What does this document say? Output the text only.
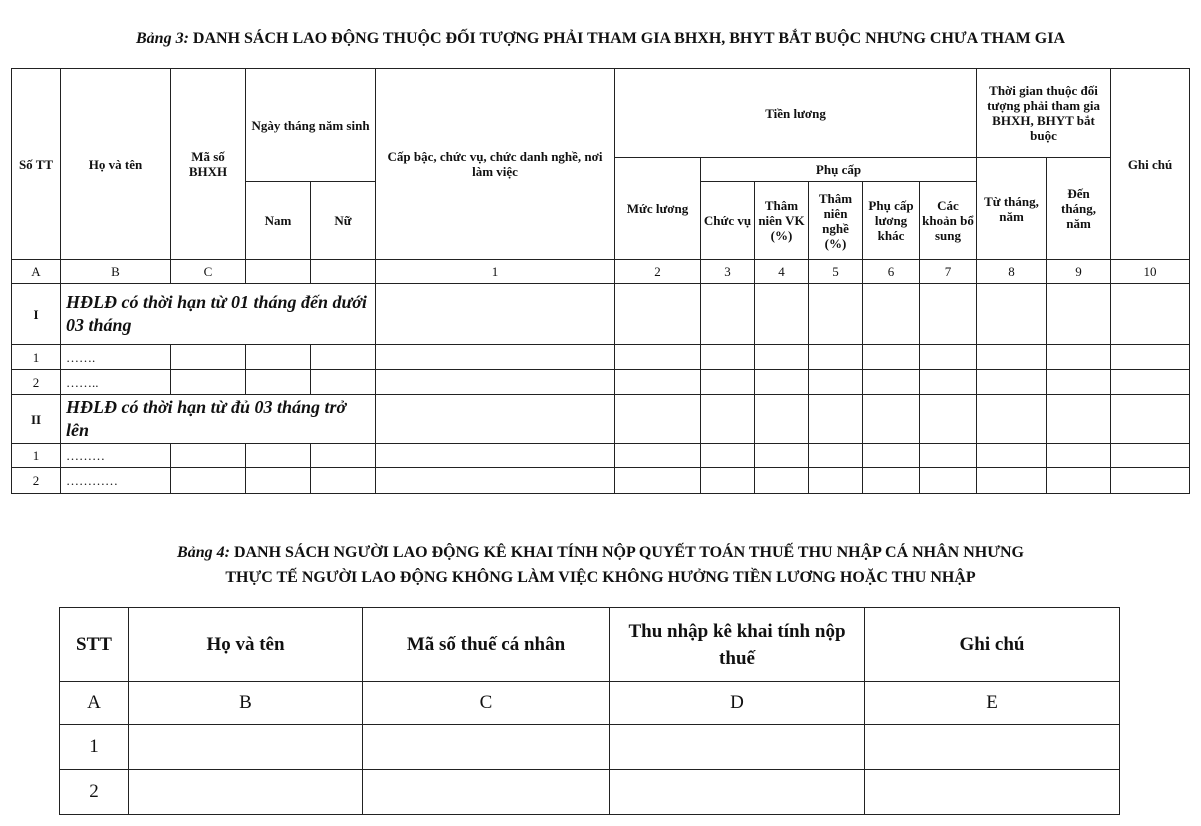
Bảng 3: DANH SÁCH LAO ĐỘNG THUỘC ĐỐI TƯỢNG PHẢI THAM GIA BHXH, BHYT BẮT BUỘC NHƯNG CHƯA THAM GIA
Số TT	Họ và tên	Mã số BHXH	Ngày tháng năm sinh		Cấp bậc, chức vụ, chức danh nghề, nơi làm việc	Tiền lương						Thời gian thuộc đối tượng phải tham gia BHXH, BHYT bắt buộc		Ghi chú
						Mức lương	Phụ cấp					Từ tháng, năm	Đến tháng, năm	
			Nam	Nữ			Chức vụ	Thâm niên VK (%)	Thâm niên nghề (%)	Phụ cấp lương khác	Các khoản bổ sung			
A	B	C			1	2	3	4	5	6	7	8	9	10
I	HĐLĐ có thời hạn từ 01 tháng đến dưới 03 tháng													
1	…….													
2	……..													
II	HĐLĐ có thời hạn từ đủ 03 tháng trở lên													
1	………													
2	…………													
Bảng 4: DANH SÁCH NGƯỜI LAO ĐỘNG KÊ KHAI TÍNH NỘP QUYẾT TOÁN THUẾ THU NHẬP CÁ NHÂN NHƯNG
THỰC TẾ NGƯỜI LAO ĐỘNG KHÔNG LÀM VIỆC KHÔNG HƯỞNG TIỀN LƯƠNG HOẶC THU NHẬP
STT	Họ và tên	Mã số thuế cá nhân	Thu nhập kê khai tính nộp thuế	Ghi chú
A	B	C	D	E
1				
2				
